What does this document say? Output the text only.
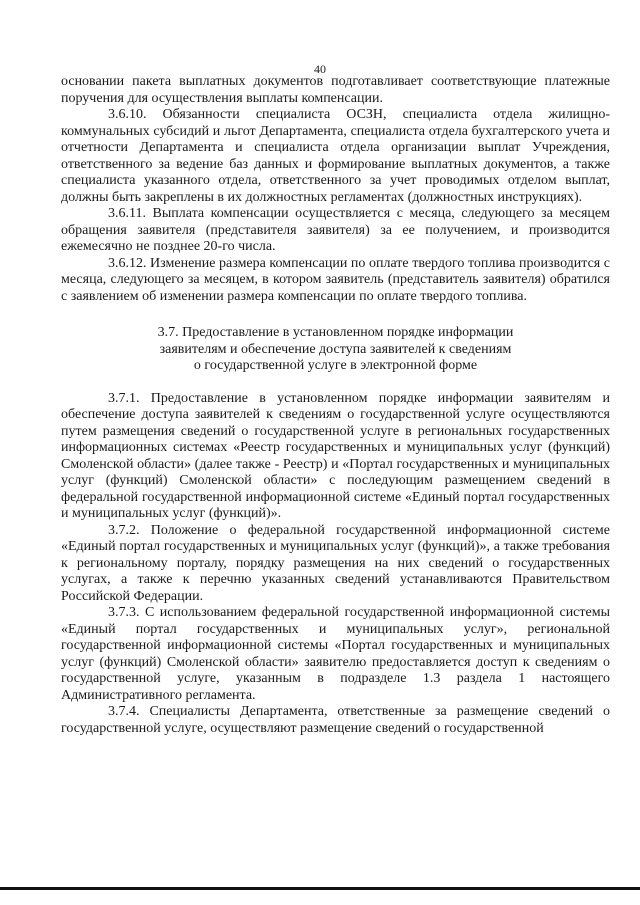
40

основании пакета выплатных документов подготавливает соответствующие платежные поручения для осуществления выплаты компенсации.

3.6.10. Обязанности специалиста ОСЗН, специалиста отдела жилищно-коммунальных субсидий и льгот Департамента, специалиста отдела бухгалтерского учета и отчетности Департамента и специалиста отдела организации выплат Учреждения, ответственного за ведение баз данных и формирование выплатных документов, а также специалиста указанного отдела, ответственного за учет проводимых отделом выплат, должны быть закреплены в их должностных регламентах (должностных инструкциях).

3.6.11. Выплата компенсации осуществляется с месяца, следующего за месяцем обращения заявителя (представителя заявителя) за ее получением, и производится ежемесячно не позднее 20-го числа.

3.6.12. Изменение размера компенсации по оплате твердого топлива производится с месяца, следующего за месяцем, в котором заявитель (представитель заявителя) обратился с заявлением об изменении размера компенсации по оплате твердого топлива.

3.7. Предоставление в установленном порядке информации
заявителям и обеспечение доступа заявителей к сведениям
о государственной услуге в электронной форме

3.7.1. Предоставление в установленном порядке информации заявителям и обеспечение доступа заявителей к сведениям о государственной услуге осуществляются путем размещения сведений о государственной услуге в региональных государственных информационных системах «Реестр государственных и муниципальных услуг (функций) Смоленской области» (далее также - Реестр) и «Портал государственных и муниципальных услуг (функций) Смоленской области» с последующим размещением сведений в федеральной государственной информационной системе «Единый портал государственных и муниципальных услуг (функций)».

3.7.2. Положение о федеральной государственной информационной системе «Единый портал государственных и муниципальных услуг (функций)», а также требования к региональному порталу, порядку размещения на них сведений о государственных услугах, а также к перечню указанных сведений устанавливаются Правительством Российской Федерации.

3.7.3. С использованием федеральной государственной информационной системы «Единый портал государственных и муниципальных услуг», региональной государственной информационной системы «Портал государственных и муниципальных услуг (функций) Смоленской области» заявителю предоставляется доступ к сведениям о государственной услуге, указанным в подразделе 1.3 раздела 1 настоящего Административного регламента.

3.7.4. Специалисты Департамента, ответственные за размещение сведений о государственной услуге, осуществляют размещение сведений о государственной
